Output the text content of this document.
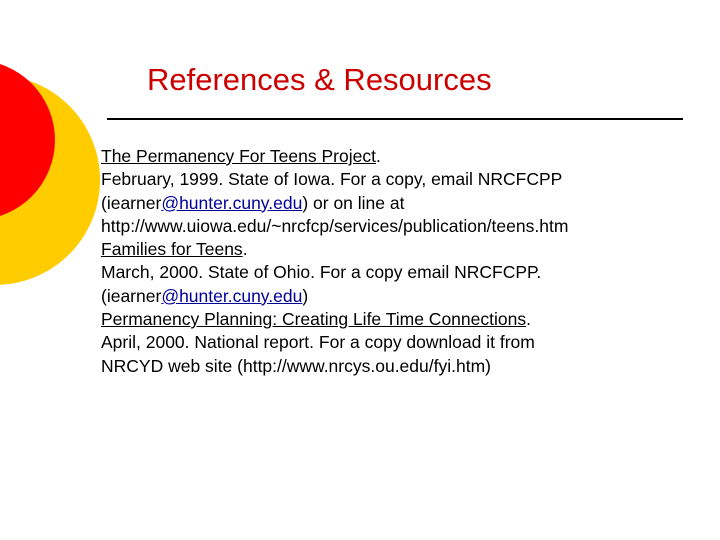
References & Resources
The Permanency For Teens Project.
February, 1999. State of Iowa. For a copy, email NRCFCPP
(iearner@hunter.cuny.edu) or on line at
http://www.uiowa.edu/~nrcfcp/services/publication/teens.htm
Families for Teens.
March, 2000. State of Ohio. For a copy email NRCFCPP.
(iearner@hunter.cuny.edu)
Permanency Planning: Creating Life Time Connections.
April, 2000. National report. For a copy download it from
NRCYD web site (http://www.nrcys.ou.edu/fyi.htm)
